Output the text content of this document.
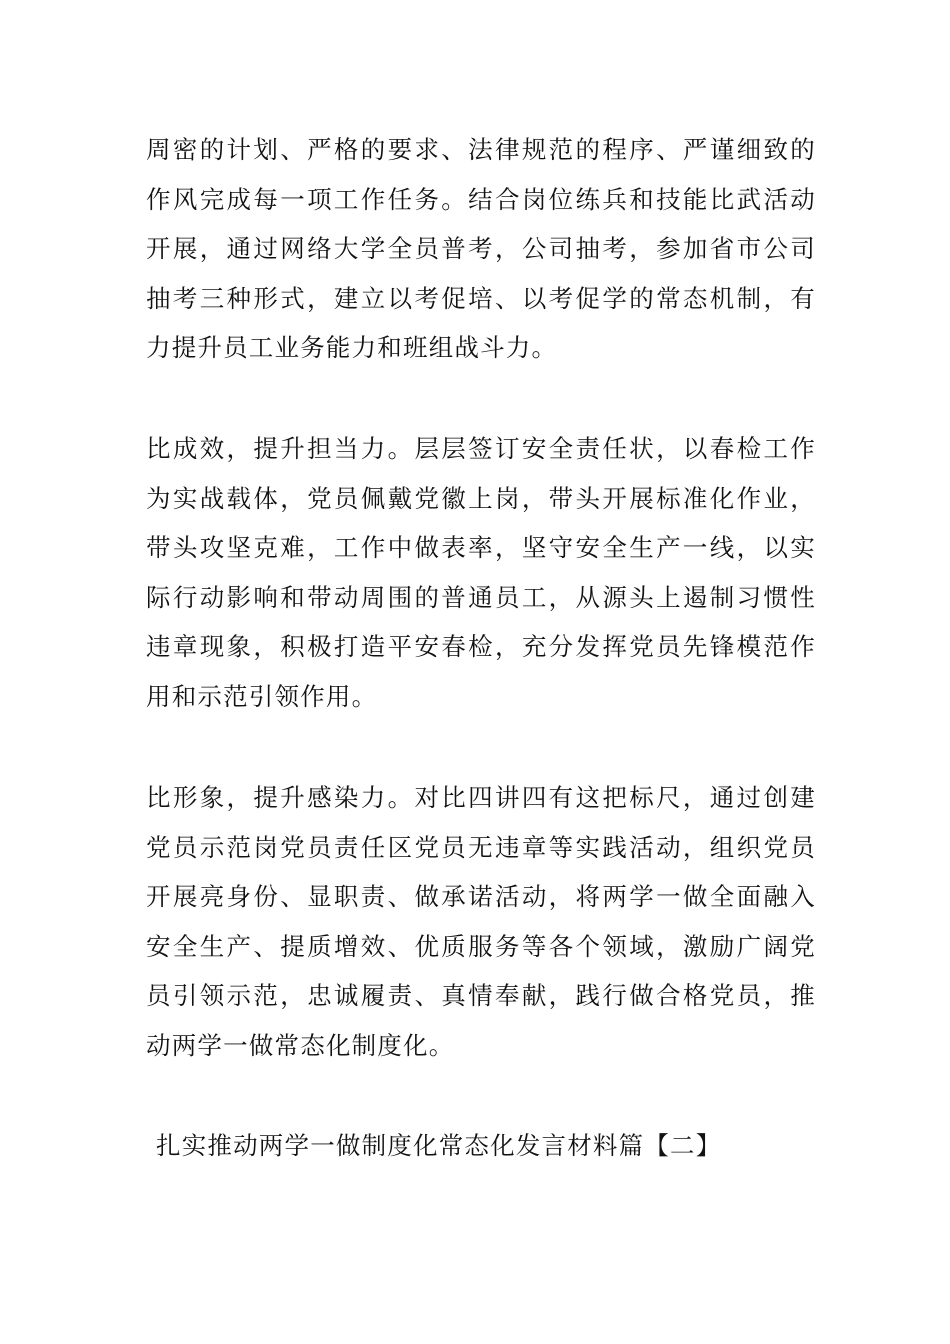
周密的计划、严格的要求、法律规范的程序、严谨细致的
作风完成每一项工作任务。结合岗位练兵和技能比武活动
开展，通过网络大学全员普考，公司抽考，参加省市公司
抽考三种形式，建立以考促培、以考促学的常态机制，有
力提升员工业务能力和班组战斗力。

比成效，提升担当力。层层签订安全责任状，以春检工作
为实战载体，党员佩戴党徽上岗，带头开展标准化作业，
带头攻坚克难，工作中做表率，坚守安全生产一线，以实
际行动影响和带动周围的普通员工，从源头上遏制习惯性
违章现象，积极打造平安春检，充分发挥党员先锋模范作
用和示范引领作用。

比形象，提升感染力。对比四讲四有这把标尺，通过创建
党员示范岗党员责任区党员无违章等实践活动，组织党员
开展亮身份、显职责、做承诺活动，将两学一做全面融入
安全生产、提质增效、优质服务等各个领域，激励广阔党
员引领示范，忠诚履责、真情奉献，践行做合格党员，推
动两学一做常态化制度化。

扎实推动两学一做制度化常态化发言材料篇【二】
